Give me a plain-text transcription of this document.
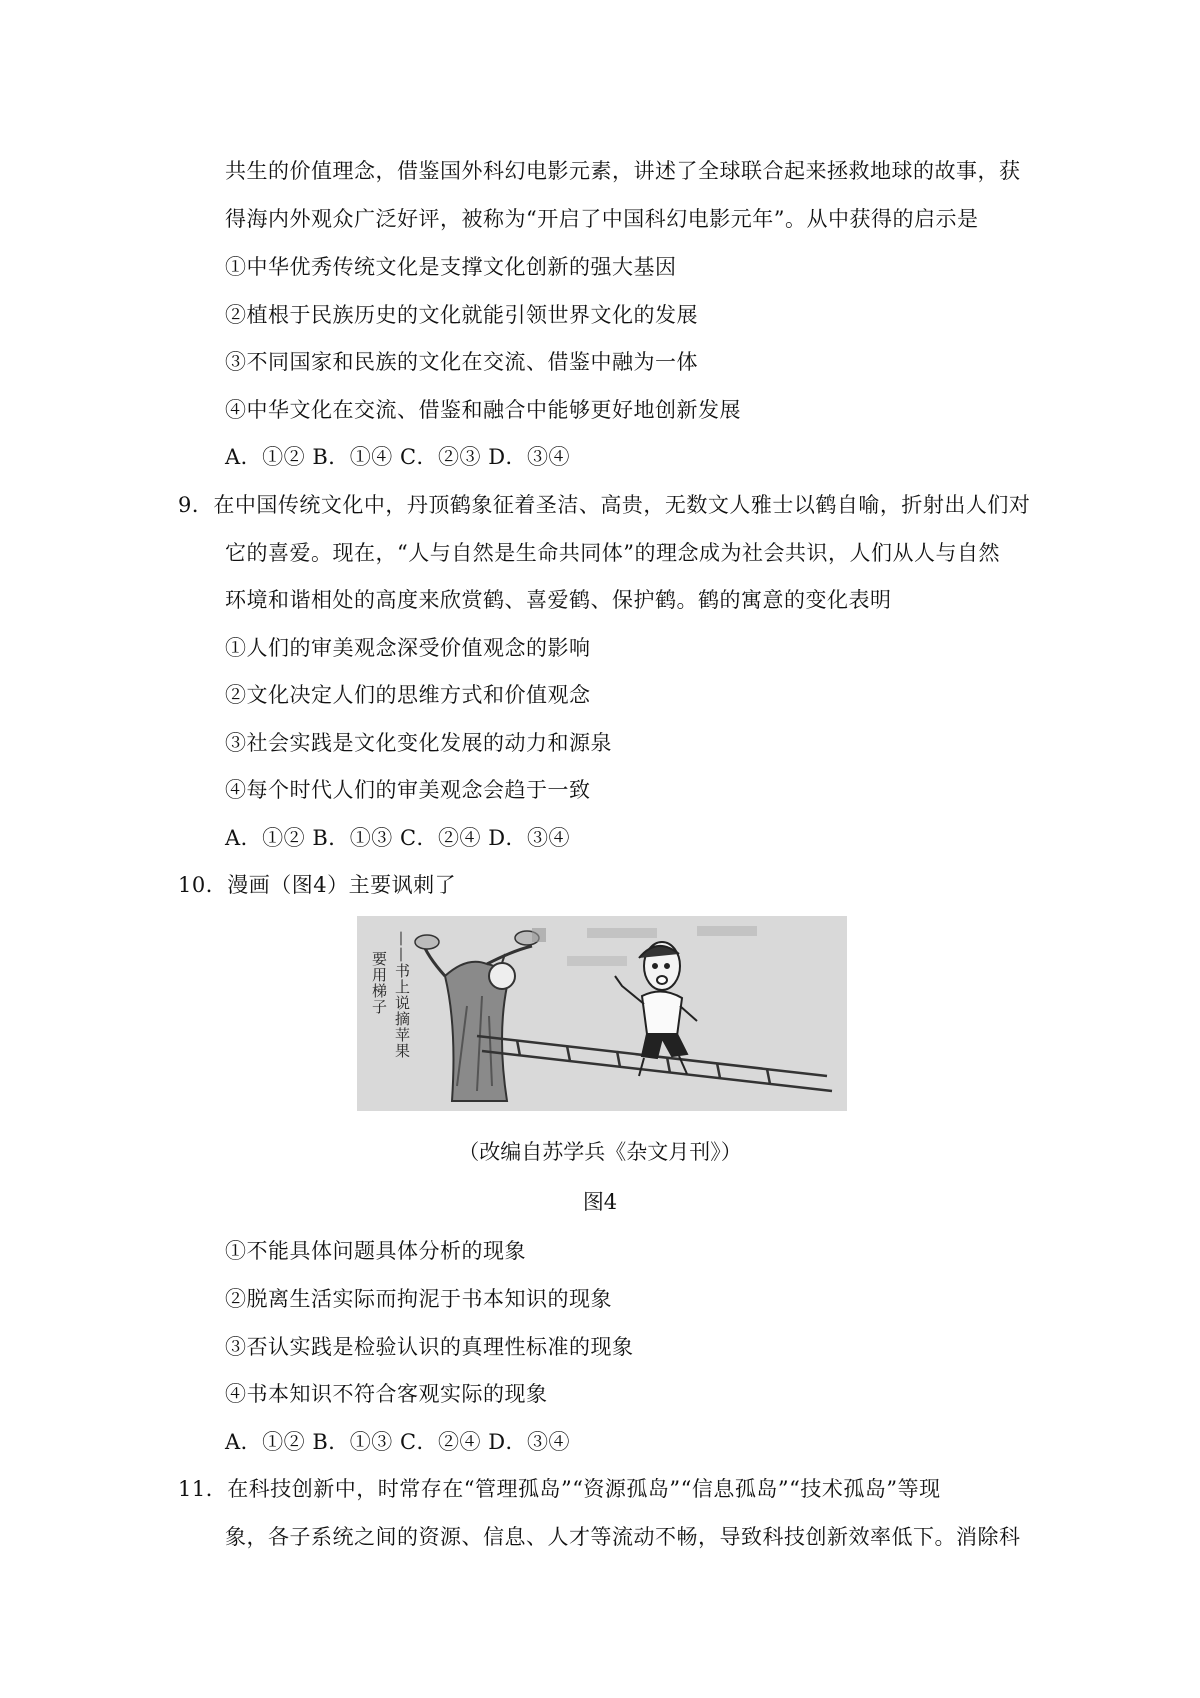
共生的价值理念，借鉴国外科幻电影元素，讲述了全球联合起来拯救地球的故事，获
得海内外观众广泛好评，被称为“开启了中国科幻电影元年”。从中获得的启示是
①中华优秀传统文化是支撑文化创新的强大基因
②植根于民族历史的文化就能引领世界文化的发展
③不同国家和民族的文化在交流、借鉴中融为一体
④中华文化在交流、借鉴和融合中能够更好地创新发展
A．①② B．①④ C．②③ D．③④
9．在中国传统文化中，丹顶鹤象征着圣洁、高贵，无数文人雅士以鹤自喻，折射出人们对
它的喜爱。现在，“人与自然是生命共同体”的理念成为社会共识，人们从人与自然
环境和谐相处的高度来欣赏鹤、喜爱鹤、保护鹤。鹤的寓意的变化表明
①人们的审美观念深受价值观念的影响
②文化决定人们的思维方式和价值观念
③社会实践是文化变化发展的动力和源泉
④每个时代人们的审美观念会趋于一致
A．①② B．①③ C．②④ D．③④
10．漫画（图4）主要讽刺了
——书上说摘苹果
要用梯子
（改编自苏学兵《杂文月刊》）
图4
①不能具体问题具体分析的现象
②脱离生活实际而拘泥于书本知识的现象
③否认实践是检验认识的真理性标准的现象
④书本知识不符合客观实际的现象
A．①② B．①③ C．②④ D．③④
11．在科技创新中，时常存在“管理孤岛”“资源孤岛”“信息孤岛”“技术孤岛”等现
象，各子系统之间的资源、信息、人才等流动不畅，导致科技创新效率低下。消除科
